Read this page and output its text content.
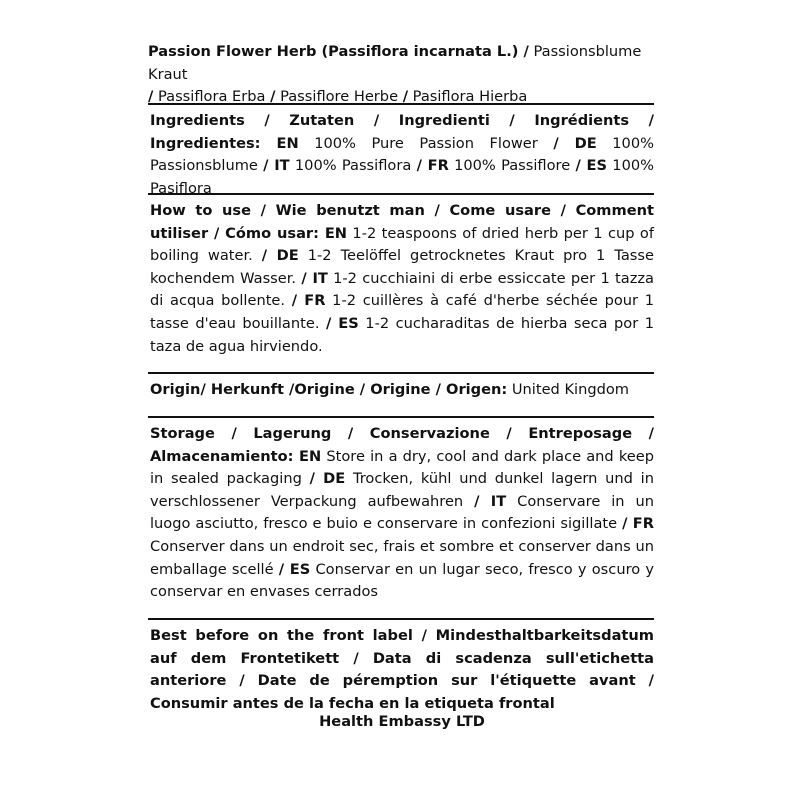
Passion Flower Herb (Passiflora incarnata L.) / Passionsblume Kraut
/ Passiflora Erba / Passiflore Herbe / Pasiflora Hierba

Ingredients / Zutaten / Ingredienti / Ingrédients / Ingredientes: EN 100% Pure Passion Flower / DE 100% Passionsblume / IT 100% Passiflora / FR 100% Passiflore / ES 100% Pasiflora

How to use / Wie benutzt man / Come usare / Comment utiliser / Cómo usar: EN 1-2 teaspoons of dried herb per 1 cup of boiling water. / DE 1-2 Teelöffel getrocknetes Kraut pro 1 Tasse kochendem Wasser. / IT 1-2 cucchiaini di erbe essiccate per 1 tazza di acqua bollente. / FR 1-2 cuillères à café d'herbe séchée pour 1 tasse d'eau bouillante. / ES 1-2 cucharaditas de hierba seca por 1 taza de agua hirviendo.

Origin/ Herkunft /Origine / Origine / Origen: United Kingdom

Storage / Lagerung / Conservazione / Entreposage / Almacenamiento: EN Store in a dry, cool and dark place and keep in sealed packaging / DE Trocken, kühl und dunkel lagern und in verschlossener Verpackung aufbewahren / IT Conservare in un luogo asciutto, fresco e buio e conservare in confezioni sigillate / FR Conserver dans un endroit sec, frais et sombre et conserver dans un emballage scellé / ES Conservar en un lugar seco, fresco y oscuro y conservar en envases cerrados

Best before on the front label / Mindesthaltbarkeitsdatum auf dem Frontetikett / Data di scadenza sull'etichetta anteriore / Date de péremption sur l'étiquette avant / Consumir antes de la fecha en la etiqueta frontal

Health Embassy LTD
